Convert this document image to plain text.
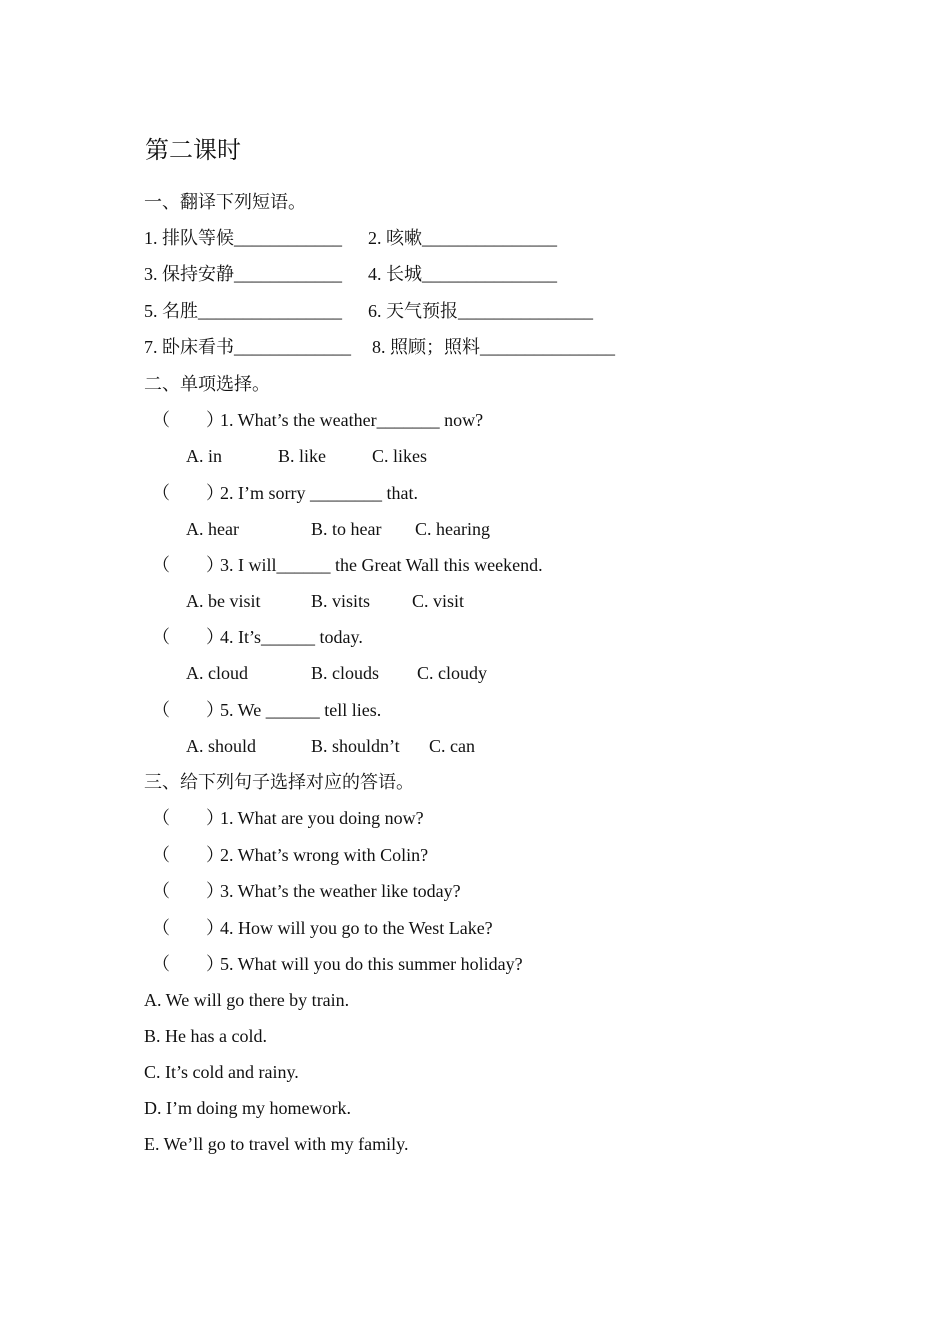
第二课时
一、翻译下列短语。
1. 排队等候____________ 2. 咳嗽_______________
3. 保持安静____________ 4. 长城_______________
5. 名胜________________ 6. 天气预报_______________
7. 卧床看书_____________ 8. 照顾；照料_______________
二、单项选择。
（　　）
1. What’s the weather_______ now?
A. in	B. like	C. likes
（　　）
2. I’m sorry ________ that.
A. hear	B. to hear C. hearing
（　　）
3. I will______ the Great Wall this weekend.
A. be visit	B. visits C. visit
（　　）
4. It’s______ today.
A. cloud	B. clouds C. cloudy
（　　）
5. We ______ tell lies.
A. should	B. shouldn’t C. can
三、给下列句子选择对应的答语。
（　　）
1. What are you doing now?
（　　）
2. What’s wrong with Colin?
（　　）
3. What’s the weather like today?
（　　）
4. How will you go to the West Lake?
（　　）
5. What will you do this summer holiday?
A. We will go there by train.
B. He has a cold.
C. It’s cold and rainy.
D. I’m doing my homework.
E. We’ll go to travel with my family.
